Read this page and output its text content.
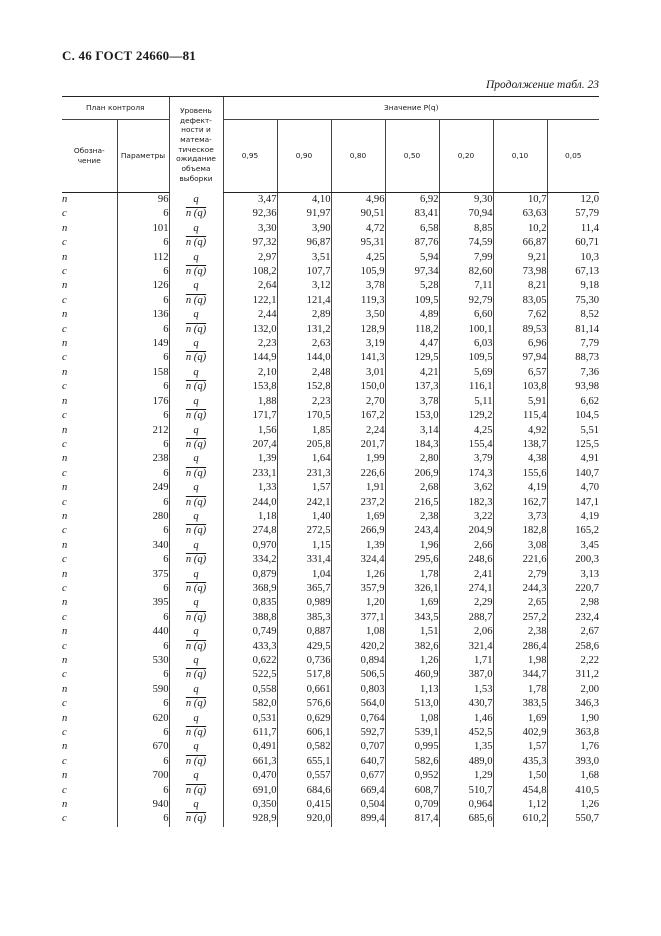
С. 46 ГОСТ 24660—81
Продолжение табл. 23
План контроля		Уровень дефект-ности и матема-тическое ожидание объема выборки	Значение P(q)						
Обозна-чение	Параметры		0,95	0,90	0,80	0,50	0,20	0,10	0,05
n	96	q	3,47	4,10	4,96	6,92	9,30	10,7	12,0
c	6	n (q)	92,36	91,97	90,51	83,41	70,94	63,63	57,79
n	101	q	3,30	3,90	4,72	6,58	8,85	10,2	11,4
c	6	n (q)	97,32	96,87	95,31	87,76	74,59	66,87	60,71
n	112	q	2,97	3,51	4,25	5,94	7,99	9,21	10,3
c	6	n (q)	108,2	107,7	105,9	97,34	82,60	73,98	67,13
n	126	q	2,64	3,12	3,78	5,28	7,11	8,21	9,18
c	6	n (q)	122,1	121,4	119,3	109,5	92,79	83,05	75,30
n	136	q	2,44	2,89	3,50	4,89	6,60	7,62	8,52
c	6	n (q)	132,0	131,2	128,9	118,2	100,1	89,53	81,14
n	149	q	2,23	2,63	3,19	4,47	6,03	6,96	7,79
c	6	n (q)	144,9	144,0	141,3	129,5	109,5	97,94	88,73
n	158	q	2,10	2,48	3,01	4,21	5,69	6,57	7,36
c	6	n (q)	153,8	152,8	150,0	137,3	116,1	103,8	93,98
n	176	q	1,88	2,23	2,70	3,78	5,11	5,91	6,62
c	6	n (q)	171,7	170,5	167,2	153,0	129,2	115,4	104,5
n	212	q	1,56	1,85	2,24	3,14	4,25	4,92	5,51
c	6	n (q)	207,4	205,8	201,7	184,3	155,4	138,7	125,5
n	238	q	1,39	1,64	1,99	2,80	3,79	4,38	4,91
c	6	n (q)	233,1	231,3	226,6	206,9	174,3	155,6	140,7
n	249	q	1,33	1,57	1,91	2,68	3,62	4,19	4,70
c	6	n (q)	244,0	242,1	237,2	216,5	182,3	162,7	147,1
n	280	q	1,18	1,40	1,69	2,38	3,22	3,73	4,19
c	6	n (q)	274,8	272,5	266,9	243,4	204,9	182,8	165,2
n	340	q	0,970	1,15	1,39	1,96	2,66	3,08	3,45
c	6	n (q)	334,2	331,4	324,4	295,6	248,6	221,6	200,3
n	375	q	0,879	1,04	1,26	1,78	2,41	2,79	3,13
c	6	n (q)	368,9	365,7	357,9	326,1	274,1	244,3	220,7
n	395	q	0,835	0,989	1,20	1,69	2,29	2,65	2,98
c	6	n (q)	388,8	385,3	377,1	343,5	288,7	257,2	232,4
n	440	q	0,749	0,887	1,08	1,51	2,06	2,38	2,67
c	6	n (q)	433,3	429,5	420,2	382,6	321,4	286,4	258,6
n	530	q	0,622	0,736	0,894	1,26	1,71	1,98	2,22
c	6	n (q)	522,5	517,8	506,5	460,9	387,0	344,7	311,2
n	590	q	0,558	0,661	0,803	1,13	1,53	1,78	2,00
c	6	n (q)	582,0	576,6	564,0	513,0	430,7	383,5	346,3
n	620	q	0,531	0,629	0,764	1,08	1,46	1,69	1,90
c	6	n (q)	611,7	606,1	592,7	539,1	452,5	402,9	363,8
n	670	q	0,491	0,582	0,707	0,995	1,35	1,57	1,76
c	6	n (q)	661,3	655,1	640,7	582,6	489,0	435,3	393,0
n	700	q	0,470	0,557	0,677	0,952	1,29	1,50	1,68
c	6	n (q)	691,0	684,6	669,4	608,7	510,7	454,8	410,5
n	940	q	0,350	0,415	0,504	0,709	0,964	1,12	1,26
c	6	n (q)	928,9	920,0	899,4	817,4	685,6	610,2	550,7
